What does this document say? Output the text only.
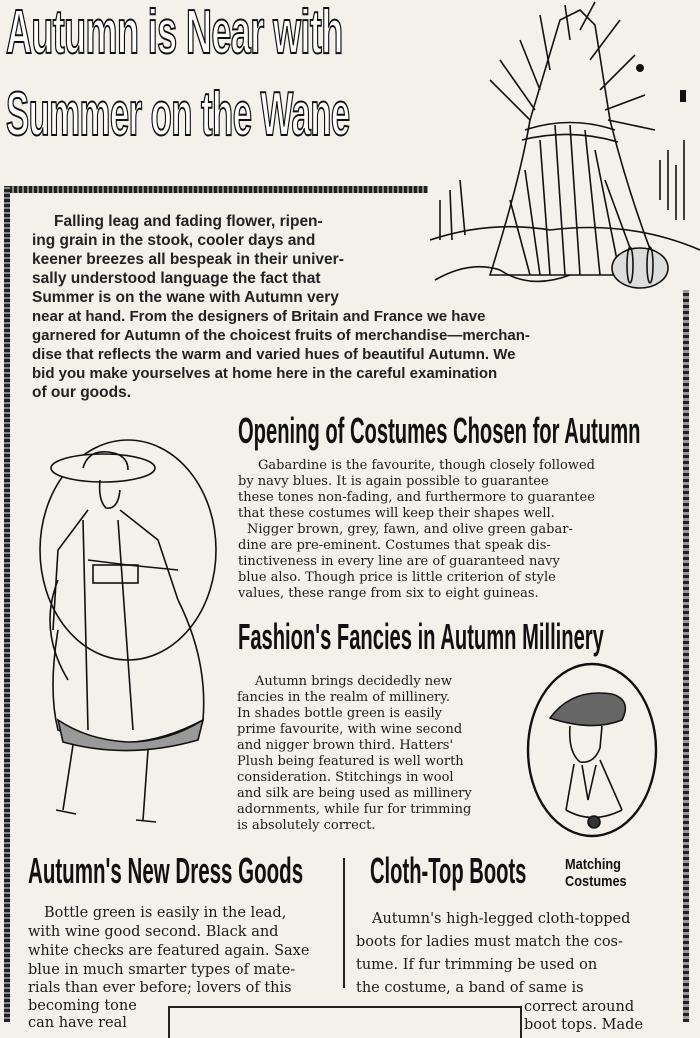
Autumn is Near with
Summer on the Wane
Falling leag and fading flower, ripen-
ing grain in the stook, cooler days and
keener breezes all bespeak in their univer-
sally understood language the fact that
Summer is on the wane with Autumn very
near at hand. From the designers of Britain and France we have
garnered for Autumn of the choicest fruits of merchandise—merchan-
dise that reflects the warm and varied hues of beautiful Autumn. We
bid you make yourselves at home here in the careful examination
of our goods.
Opening of Costumes Chosen for Autumn
Gabardine is the favourite, though closely followed
by navy blues. It is again possible to guarantee
these tones non-fading, and furthermore to guarantee
that these costumes will keep their shapes well.
Nigger brown, grey, fawn, and olive green gabar-
dine are pre-eminent. Costumes that speak dis-
tinctiveness in every line are of guaranteed navy
blue also. Though price is little criterion of style
values, these range from six to eight guineas.
Fashion's Fancies in Autumn Millinery
Autumn brings decidedly new
fancies in the realm of millinery.
In shades bottle green is easily
prime favourite, with wine second
and nigger brown third. Hatters'
Plush being featured is well worth
consideration. Stitchings in wool
and silk are being used as millinery
adornments, while fur for trimming
is absolutely correct.
Autumn's New Dress Goods
Bottle green is easily in the lead,
with wine good second. Black and
white checks are featured again. Saxe
blue in much smarter types of mate-
rials than ever before; lovers of this
becoming tone
can have real
Cloth-Top Boots	Matching
Costumes
Autumn's high-legged cloth-topped
boots for ladies must match the cos-
tume. If fur trimming be used on
the costume, a band of same is
correct around
boot tops. Made
